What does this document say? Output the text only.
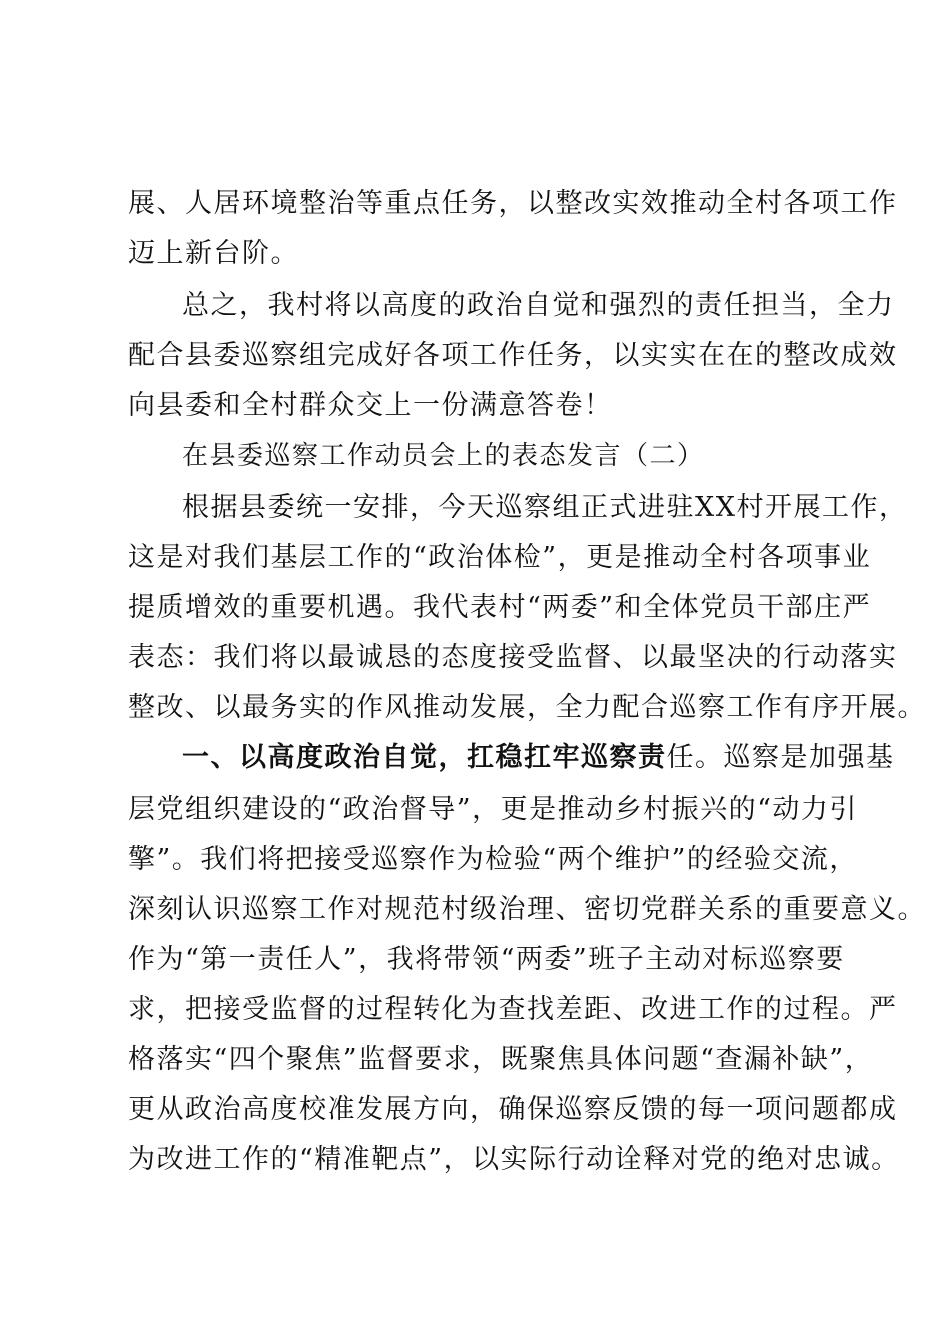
展、人居环境整治等重点任务，以整改实效推动全村各项工作
迈上新台阶。
总之，我村将以高度的政治自觉和强烈的责任担当，全力
配合县委巡察组完成好各项工作任务，以实实在在的整改成效
向县委和全村群众交上一份满意答卷！
在县委巡察工作动员会上的表态发言（二）
根据县委统一安排，今天巡察组正式进驻XX村开展工作，
这是对我们基层工作的“政治体检”，更是推动全村各项事业
提质增效的重要机遇。我代表村“两委”和全体党员干部庄严
表态：我们将以最诚恳的态度接受监督、以最坚决的行动落实
整改、以最务实的作风推动发展，全力配合巡察工作有序开展。
一、以高度政治自觉，扛稳扛牢巡察责任。巡察是加强基
层党组织建设的“政治督导”，更是推动乡村振兴的“动力引
擎”。我们将把接受巡察作为检验“两个维护”的经验交流，
深刻认识巡察工作对规范村级治理、密切党群关系的重要意义。
作为“第一责任人”，我将带领“两委”班子主动对标巡察要
求，把接受监督的过程转化为查找差距、改进工作的过程。严
格落实“四个聚焦”监督要求，既聚焦具体问题“查漏补缺”，
更从政治高度校准发展方向，确保巡察反馈的每一项问题都成
为改进工作的“精准靶点”，以实际行动诠释对党的绝对忠诚。
